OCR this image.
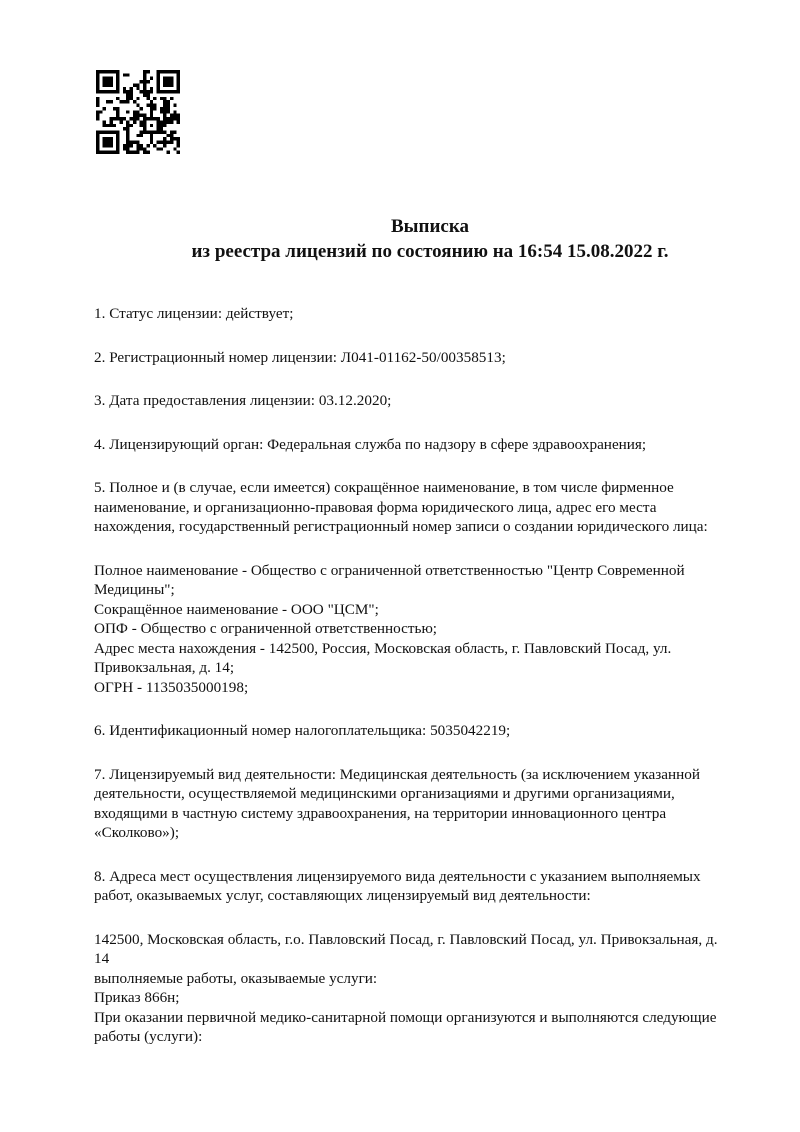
Выписка
из реестра лицензий по состоянию на 16:54 15.08.2022 г.

1. Статус лицензии: действует;

2. Регистрационный номер лицензии: Л041-01162-50/00358513;

3. Дата предоставления лицензии: 03.12.2020;

4. Лицензирующий орган: Федеральная служба по надзору в сфере здравоохранения;

5. Полное и (в случае, если имеется) сокращённое наименование, в том числе фирменное
наименование, и организационно-правовая форма юридического лица, адрес его места
нахождения, государственный регистрационный номер записи о создании юридического лица:
Полное наименование - Общество с ограниченной ответственностью "Центр Современной
Медицины";
Сокращённое наименование - ООО "ЦСМ";
ОПФ - Общество с ограниченной ответственностью;
Адрес места нахождения - 142500, Россия, Московская область, г. Павловский Посад, ул.
Привокзальная, д. 14;
ОГРН - 1135035000198;

6. Идентификационный номер налогоплательщика: 5035042219;

7. Лицензируемый вид деятельности: Медицинская деятельность (за исключением указанной
деятельности, осуществляемой медицинскими организациями и другими организациями,
входящими в частную систему здравоохранения, на территории инновационного центра
«Сколково»);
8. Адреса мест осуществления лицензируемого вида деятельности с указанием выполняемых
работ, оказываемых услуг, составляющих лицензируемый вид деятельности:
142500, Московская область, г.о. Павловский Посад, г. Павловский Посад, ул. Привокзальная, д.
14
выполняемые работы, оказываемые услуги:
Приказ 866н;
При оказании первичной медико-санитарной помощи организуются и выполняются следующие
работы (услуги):
